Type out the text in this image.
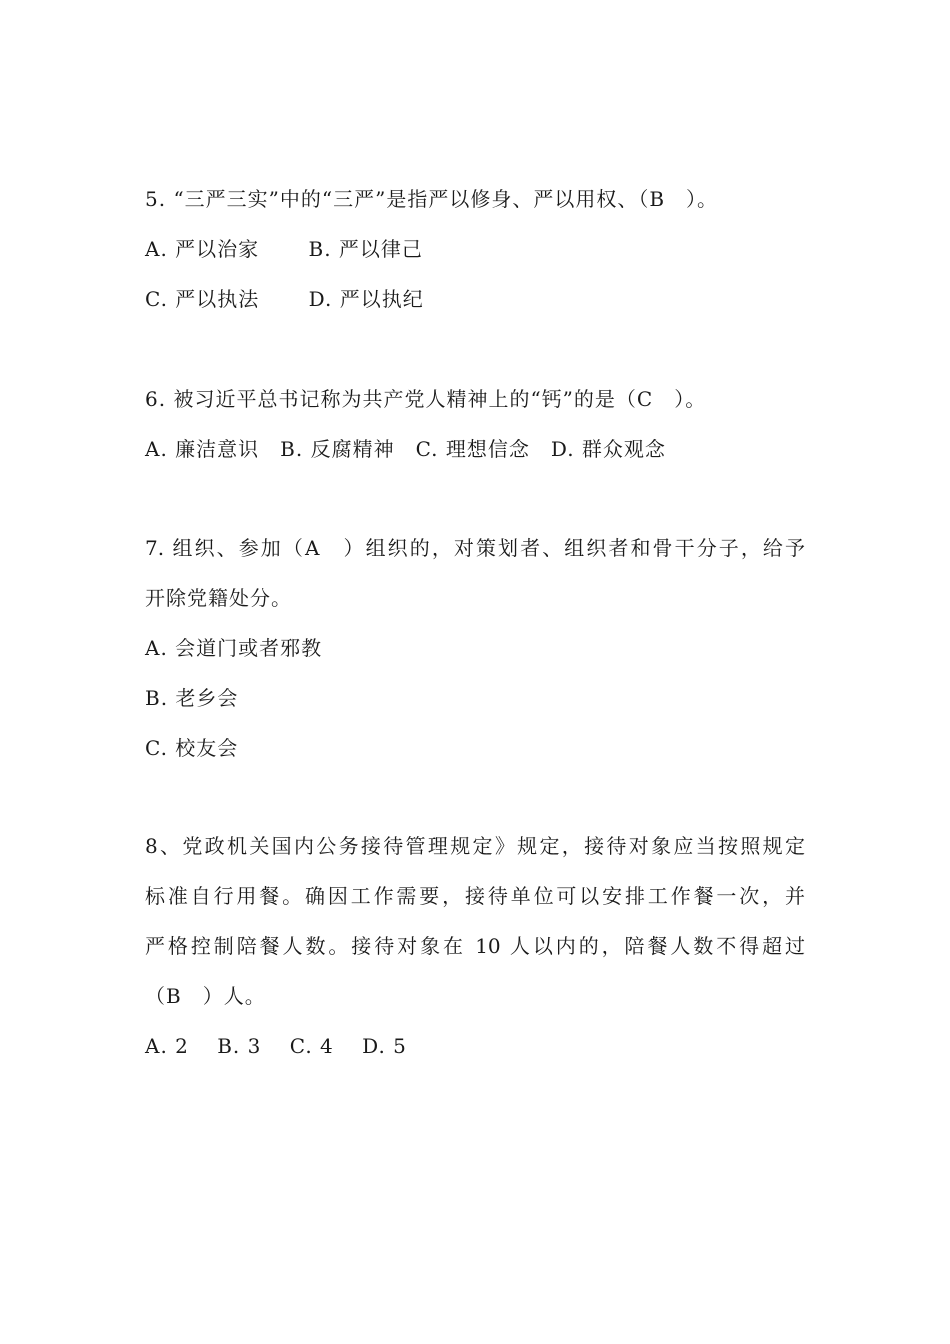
5. “三严三实”中的“三严”是指严以修身、严以用权、（B　）。
A. 严以治家　　 B. 严以律己
C. 严以执法　　 D. 严以执纪
6. 被习近平总书记称为共产党人精神上的“钙”的是（C　）。
A. 廉洁意识　B. 反腐精神　C. 理想信念　D. 群众观念
7. 组织、参加（A　）组织的，对策划者、组织者和骨干分子，给予
开除党籍处分。
A. 会道门或者邪教
B. 老乡会
C. 校友会
8、党政机关国内公务接待管理规定》规定，接待对象应当按照规定
标准自行用餐。确因工作需要，接待单位可以安排工作餐一次，并
严格控制陪餐人数。接待对象在 10 人以内的，陪餐人数不得超过
（B　）人。
A. 2　 B. 3　 C. 4　 D. 5
